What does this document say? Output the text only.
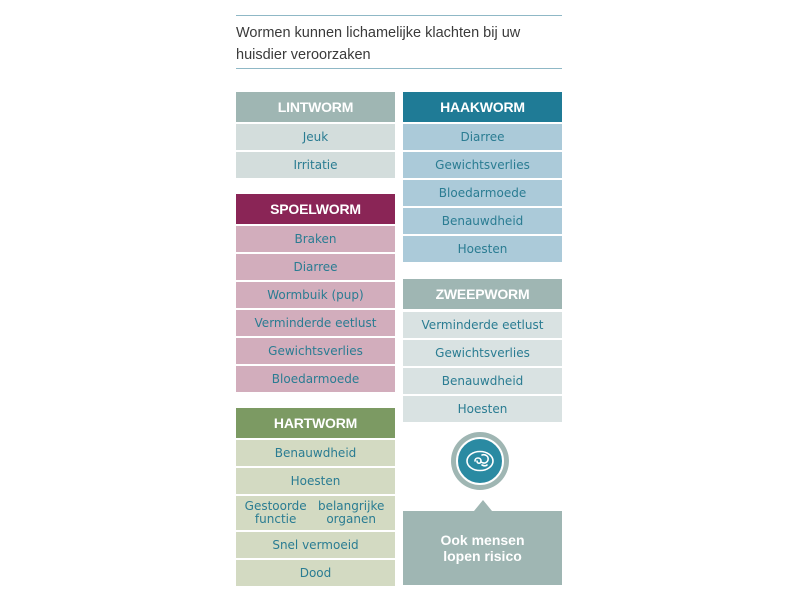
Wormen kunnen lichamelijke klachten bij uw
huisdier veroorzaken
LINTWORM
Jeuk
Irritatie
SPOELWORM
Braken
Diarree
Wormbuik (pup)
Verminderde eetlust
Gewichtsverlies
Bloedarmoede
HARTWORM
Benauwdheid
Hoesten
Gestoorde functie

belangrijke organen
Snel vermoeid
Dood
HAAKWORM
Diarree
Gewichtsverlies
Bloedarmoede
Benauwdheid
Hoesten
ZWEEPWORM
Verminderde eetlust
Gewichtsverlies
Benauwdheid
Hoesten
Ook mensen
lopen risico
